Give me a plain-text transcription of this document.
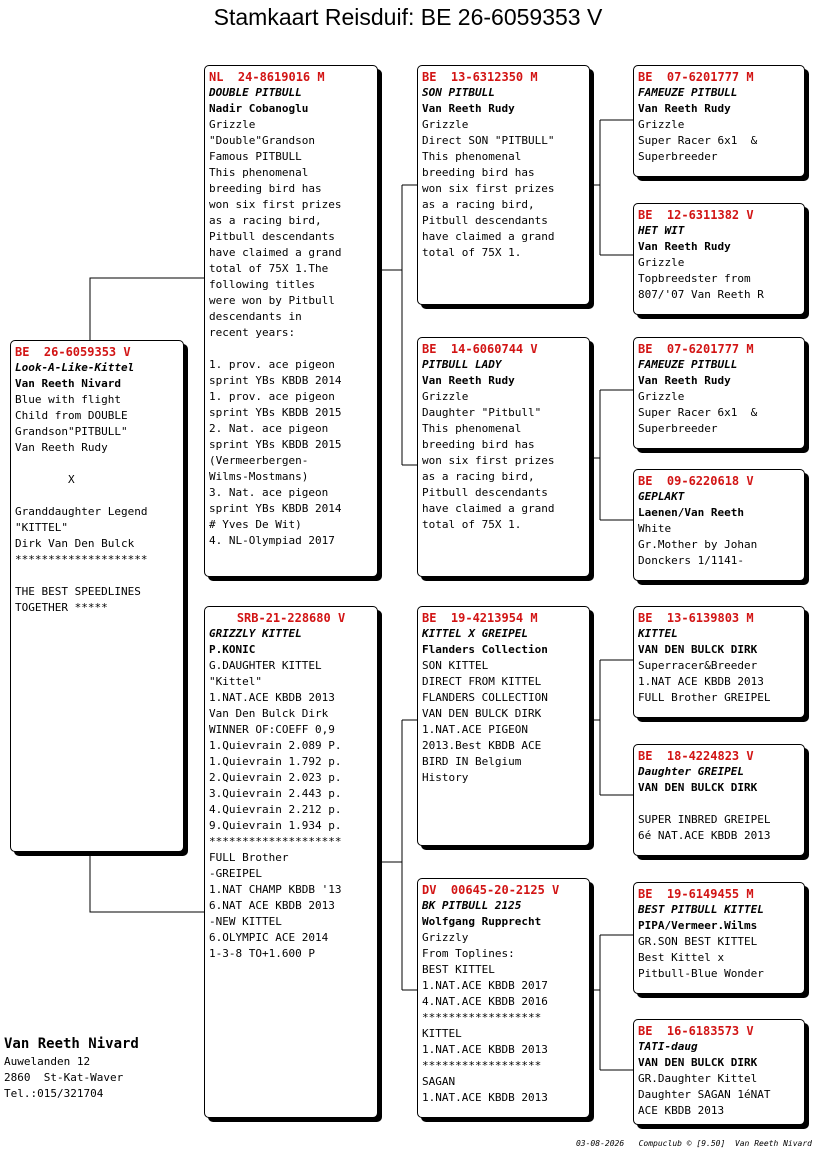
Stamkaart Reisduif: BE 26-6059353 V
BE  26-6059353 V
Look-A-Like-Kittel
Van Reeth Nivard
Blue with flight
Child from DOUBLE
Grandson"PITBULL"
Van Reeth Rudy
X
Granddaughter Legend
"KITTEL"
Dirk Van Den Bulck
********************
THE BEST SPEEDLINES
TOGETHER *****
NL  24-8619016 M
DOUBLE PITBULL
Nadir Cobanoglu
Grizzle
"Double"Grandson
Famous PITBULL
This phenomenal
breeding bird has
won six first prizes
as a racing bird,
Pitbull descendants
have claimed a grand
total of 75X 1.The
following titles
were won by Pitbull
descendants in
recent years:
1. prov. ace pigeon
sprint YBs KBDB 2014
1. prov. ace pigeon
sprint YBs KBDB 2015
2. Nat. ace pigeon
sprint YBs KBDB 2015
(Vermeerbergen-
Wilms-Mostmans)
3. Nat. ace pigeon
sprint YBs KBDB 2014
# Yves De Wit)
4. NL-Olympiad 2017
SRB-21-228680 V
GRIZZLY KITTEL
P.KONIC
G.DAUGHTER KITTEL
"Kittel"
1.NAT.ACE KBDB 2013
Van Den Bulck Dirk
WINNER OF:COEFF 0,9
1.Quievrain 2.089 P.
1.Quievrain 1.792 p.
2.Quievrain 2.023 p.
3.Quievrain 2.443 p.
4.Quievrain 2.212 p.
9.Quievrain 1.934 p.
********************
FULL Brother
-GREIPEL
1.NAT CHAMP KBDB '13
6.NAT ACE KBDB 2013
-NEW KITTEL
6.OLYMPIC ACE 2014
1-3-8 TO+1.600 P
BE  13-6312350 M
SON PITBULL
Van Reeth Rudy
Grizzle
Direct SON "PITBULL"
This phenomenal
breeding bird has
won six first prizes
as a racing bird,
Pitbull descendants
have claimed a grand
total of 75X 1.
BE  14-6060744 V
PITBULL LADY
Van Reeth Rudy
Grizzle
Daughter "Pitbull"
This phenomenal
breeding bird has
won six first prizes
as a racing bird,
Pitbull descendants
have claimed a grand
total of 75X 1.
BE  19-4213954 M
KITTEL X GREIPEL
Flanders Collection
SON KITTEL
DIRECT FROM KITTEL
FLANDERS COLLECTION
VAN DEN BULCK DIRK
1.NAT.ACE PIGEON
2013.Best KBDB ACE
BIRD IN Belgium
History
DV  00645-20-2125 V
BK PITBULL 2125
Wolfgang Rupprecht
Grizzly
From Toplines:
BEST KITTEL
1.NAT.ACE KBDB 2017
4.NAT.ACE KBDB 2016
******************
KITTEL
1.NAT.ACE KBDB 2013
******************
SAGAN
1.NAT.ACE KBDB 2013
BE  07-6201777 M
FAMEUZE PITBULL
Van Reeth Rudy
Grizzle
Super Racer 6x1  &
Superbreeder
BE  12-6311382 V
HET WIT
Van Reeth Rudy
Grizzle
Topbreedster from
807/'07 Van Reeth R
BE  07-6201777 M
FAMEUZE PITBULL
Van Reeth Rudy
Grizzle
Super Racer 6x1  &
Superbreeder
BE  09-6220618 V
GEPLAKT
Laenen/Van Reeth
White
Gr.Mother by Johan
Donckers 1/1141-
BE  13-6139803 M
KITTEL
VAN DEN BULCK DIRK
Superracer&Breeder
1.NAT ACE KBDB 2013
FULL Brother GREIPEL
BE  18-4224823 V
Daughter GREIPEL
VAN DEN BULCK DIRK
SUPER INBRED GREIPEL
6é NAT.ACE KBDB 2013
BE  19-6149455 M
BEST PITBULL KITTEL
PIPA/Vermeer.Wilms
GR.SON BEST KITTEL
Best Kittel x
Pitbull-Blue Wonder
BE  16-6183573 V
TATI-daug
VAN DEN BULCK DIRK
GR.Daughter Kittel
Daughter SAGAN 1éNAT
ACE KBDB 2013
Van Reeth Nivard
Auwelanden 12
2860  St-Kat-Waver
Tel.:015/321704
03-08-2026   Compuclub © [9.50]  Van Reeth Nivard
